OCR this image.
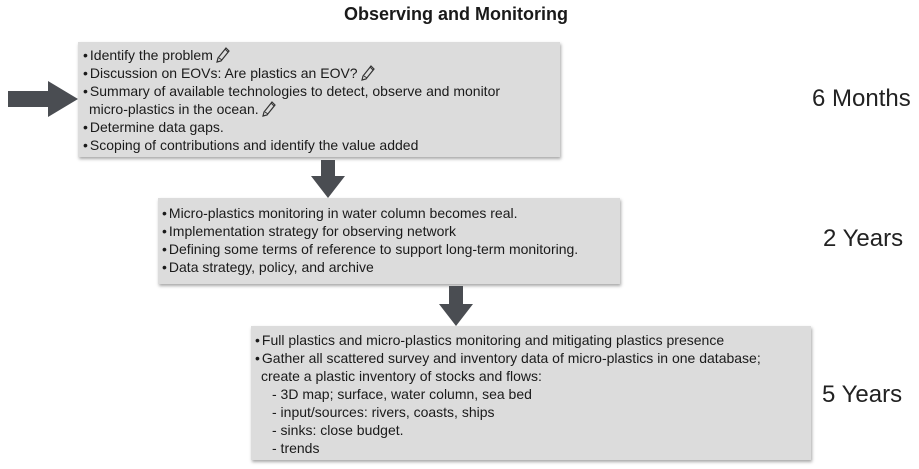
Observing and Monitoring
• Identify the problem
• Discussion on EOVs: Are plastics an EOV?
• Summary of available technologies to detect, observe and monitor
micro-plastics in the ocean.
• Determine data gaps.
• Scoping of contributions and identify the value added
6 Months
• Micro-plastics monitoring in water column becomes real.
• Implementation strategy for observing network
• Defining some terms of reference to support long-term monitoring.
• Data strategy, policy, and archive
2 Years
• Full plastics and micro-plastics monitoring and mitigating plastics presence
• Gather all scattered survey and inventory data of micro-plastics in one database;
create a plastic inventory of stocks and flows:
- 3D map; surface, water column, sea bed
- input/sources: rivers, coasts, ships
- sinks: close budget.
- trends
5 Years
